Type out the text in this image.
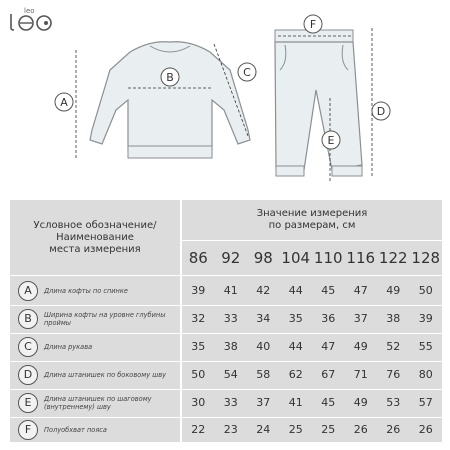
leo
A
B	C
D
E
F
Условное обозначение/
Наименование
места измерения
Значение измерения
по размерам, см
86 92 98 104 110 116 122 128
A	Длина кофты по спинке	39	41	42	44	45	47	49	50
B	Ширина кофты на уровне глубины проймы	32	33	34	35	36	37	38	39
C	Длина рукава	35	38	40	44	47	49	52	55
D	Длина штанишек по боковому шву	50	54	58	62	67	71	76	80
E	Длина штанишек по шаговому (внутреннему) шву	30	33	37	41	45	49	53	57
F	Полуобхват пояса	22	23	24	25	25	26	26	26
